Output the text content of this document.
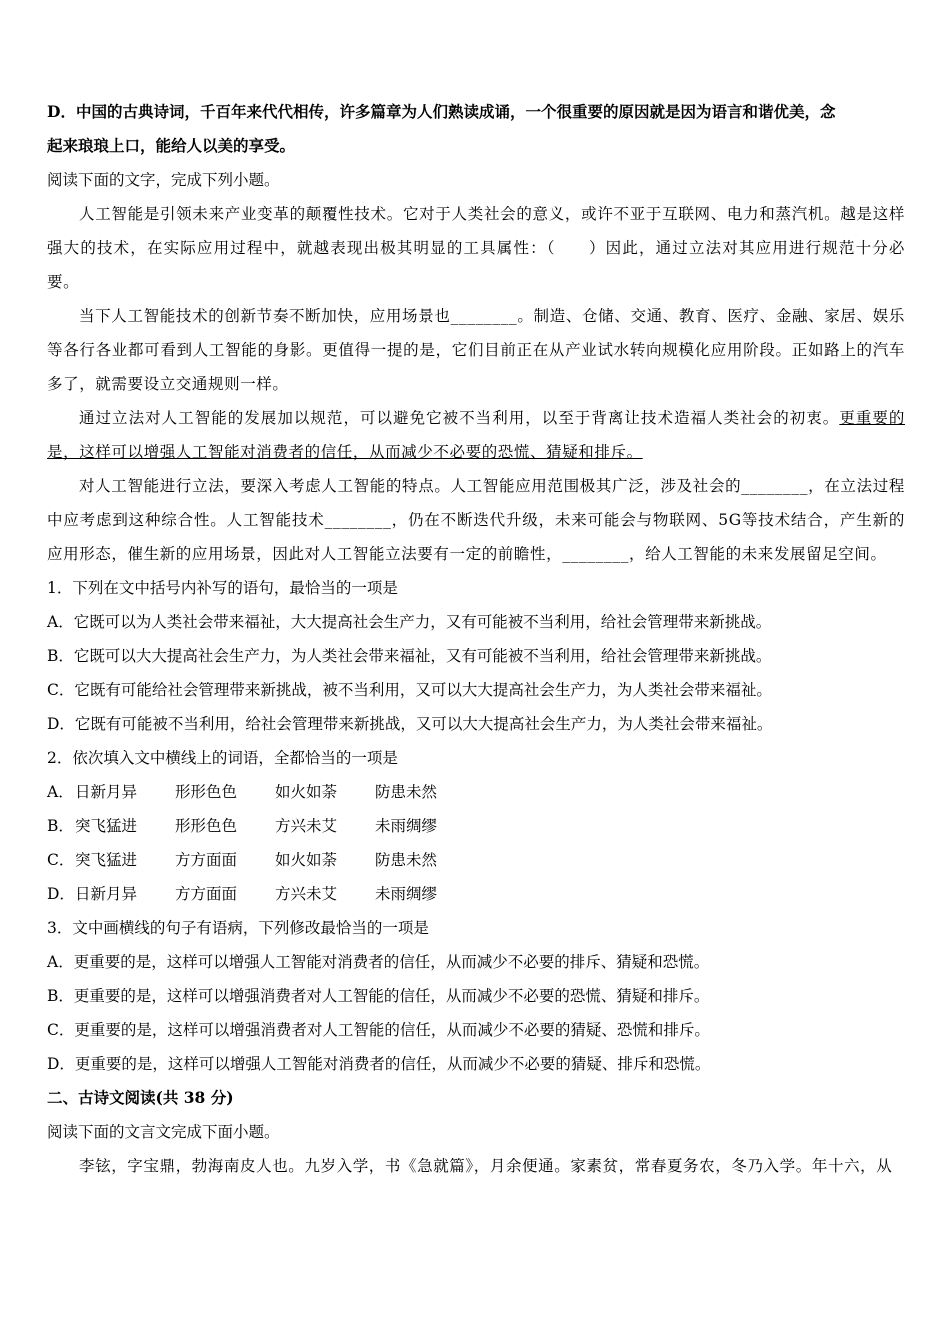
D．中国的古典诗词，千百年来代代相传，许多篇章为人们熟读成诵，一个很重要的原因就是因为语言和谐优美，念
起来琅琅上口，能给人以美的享受。
阅读下面的文字，完成下列小题。
人工智能是引领未来产业变革的颠覆性技术。它对于人类社会的意义，或许不亚于互联网、电力和蒸汽机。越是这样强大的技术，在实际应用过程中，就越表现出极其明显的工具属性：（　　）因此，通过立法对其应用进行规范十分必要。
当下人工智能技术的创新节奏不断加快，应用场景也________。制造、仓储、交通、教育、医疗、金融、家居、娱乐等各行各业都可看到人工智能的身影。更值得一提的是，它们目前正在从产业试水转向规模化应用阶段。正如路上的汽车多了，就需要设立交通规则一样。
通过立法对人工智能的发展加以规范，可以避免它被不当利用，以至于背离让技术造福人类社会的初衷。更重要的是，这样可以增强人工智能对消费者的信任，从而减少不必要的恐慌、猜疑和排斥。
对人工智能进行立法，要深入考虑人工智能的特点。人工智能应用范围极其广泛，涉及社会的________，在立法过程中应考虑到这种综合性。人工智能技术________，仍在不断迭代升级，未来可能会与物联网、5G等技术结合，产生新的应用形态，催生新的应用场景，因此对人工智能立法要有一定的前瞻性，________，给人工智能的未来发展留足空间。
1．下列在文中括号内补写的语句，最恰当的一项是
A．它既可以为人类社会带来福祉，大大提高社会生产力，又有可能被不当利用，给社会管理带来新挑战。
B．它既可以大大提高社会生产力，为人类社会带来福祉，又有可能被不当利用，给社会管理带来新挑战。
C．它既有可能给社会管理带来新挑战，被不当利用，又可以大大提高社会生产力，为人类社会带来福祉。
D．它既有可能被不当利用，给社会管理带来新挑战，又可以大大提高社会生产力，为人类社会带来福祉。
2．依次填入文中横线上的词语，全都恰当的一项是
A．日新月异 形形色色 如火如荼 防患未然
B．突飞猛进 形形色色 方兴未艾 未雨绸缪
C．突飞猛进 方方面面 如火如荼 防患未然
D．日新月异 方方面面 方兴未艾 未雨绸缪
3．文中画横线的句子有语病，下列修改最恰当的一项是
A．更重要的是，这样可以增强人工智能对消费者的信任，从而减少不必要的排斥、猜疑和恐慌。
B．更重要的是，这样可以增强消费者对人工智能的信任，从而减少不必要的恐慌、猜疑和排斥。
C．更重要的是，这样可以增强消费者对人工智能的信任，从而减少不必要的猜疑、恐慌和排斥。
D．更重要的是，这样可以增强人工智能对消费者的信任，从而减少不必要的猜疑、排斥和恐慌。
二、古诗文阅读(共 38 分)
阅读下面的文言文完成下面小题。
李铉，字宝鼎，勃海南皮人也。九岁入学，书《急就篇》，月余便通。家素贫，常春夏务农，冬乃入学。年十六，从
